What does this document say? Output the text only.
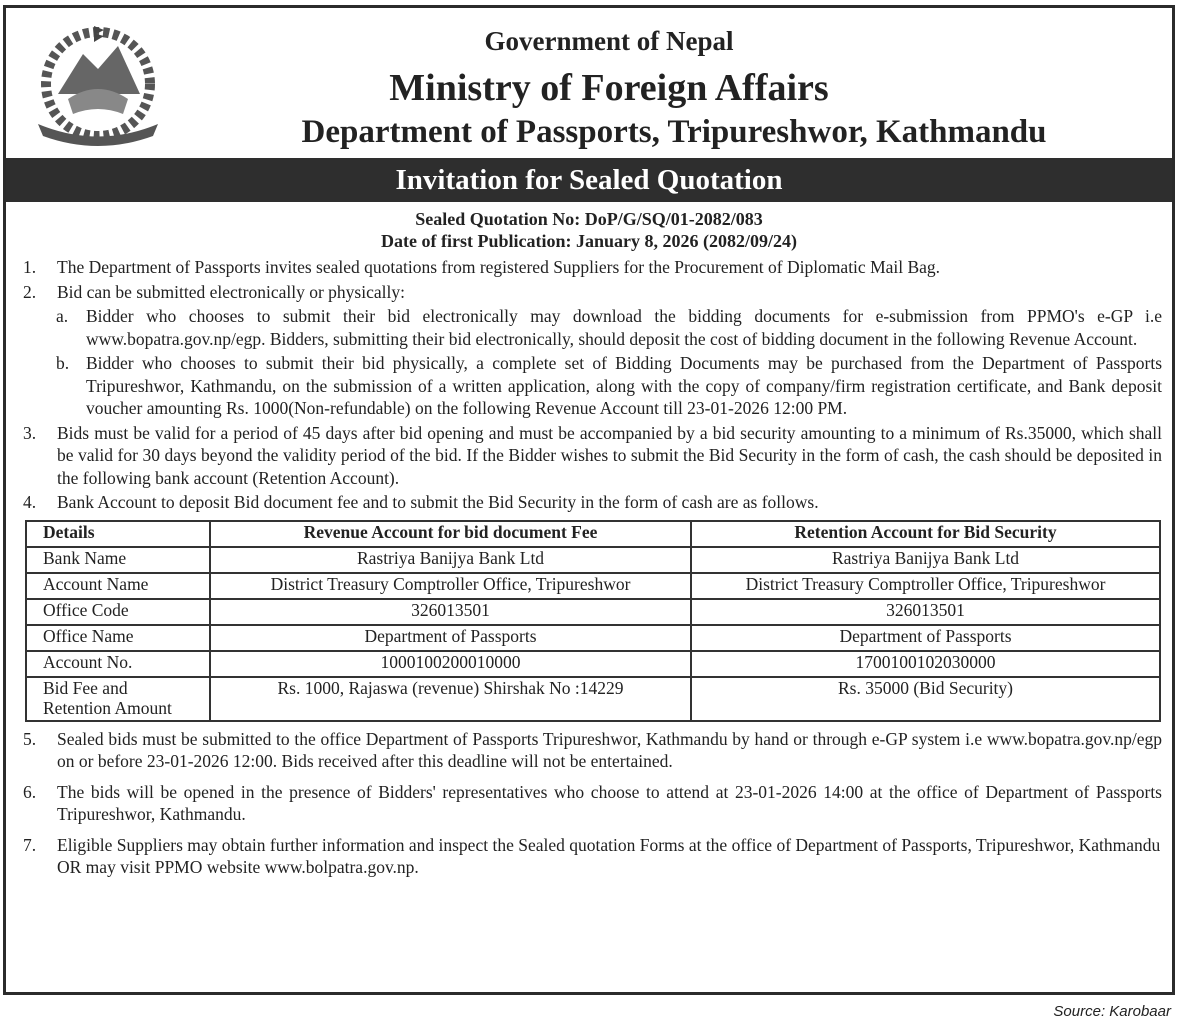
Government of Nepal
Ministry of Foreign Affairs
Department of Passports, Tripureshwor, Kathmandu
Invitation for Sealed Quotation
Sealed Quotation No: DoP/G/SQ/01-2082/083
Date of first Publication: January 8, 2026 (2082/09/24)
1.	The Department of Passports invites sealed quotations from registered Suppliers for the Procurement of Diplomatic Mail Bag.
2.	Bid can be submitted electronically or physically:
a.	Bidder who chooses to submit their bid electronically may download the bidding documents for e-submission from PPMO's e-GP i.e www.bopatra.gov.np/egp. Bidders, submitting their bid electronically, should deposit the cost of bidding document in the following Revenue Account.
b. Bidder who chooses to submit their bid physically, a complete set of Bidding Documents may be purchased from the Department of Passports Tripureshwor, Kathmandu, on the submission of a written application, along with the copy of company/firm registration certificate, and Bank deposit voucher amounting Rs. 1000(Non-refundable) on the following Revenue Account till 23-01-2026 12:00 PM.
3.	Bids must be valid for a period of 45 days after bid opening and must be accompanied by a bid security amounting to a minimum of Rs.35000, which shall be valid for 30 days beyond the validity period of the bid. If the Bidder wishes to submit the Bid Security in the form of cash, the cash should be deposited in the following bank account (Retention Account).
4.	Bank Account to deposit Bid document fee and to submit the Bid Security in the form of cash are as follows.
Details	Revenue Account for bid document Fee	Retention Account for Bid Security
Bank Name	Rastriya Banijya Bank Ltd	Rastriya Banijya Bank Ltd
Account Name	District Treasury Comptroller Office, Tripureshwor	District Treasury Comptroller Office, Tripureshwor
Office Code	326013501	326013501
Office Name	Department of Passports	Department of Passports
Account No.	1000100200010000	1700100102030000
Bid Fee and Retention Amount	Rs. 1000, Rajaswa (revenue) Shirshak No :14229	Rs. 35000 (Bid Security)
5.	Sealed bids must be submitted to the office Department of Passports Tripureshwor, Kathmandu by hand or through e-GP system i.e www.bopatra.gov.np/egp on or before 23-01-2026 12:00. Bids received after this deadline will not be entertained.
6.	The bids will be opened in the presence of Bidders' representatives who choose to attend at 23-01-2026 14:00 at the office of Department of Passports Tripureshwor, Kathmandu.
7.	Eligible Suppliers may obtain further information and inspect the Sealed quotation Forms at the office of Department of Passports, Tripureshwor, Kathmandu OR may visit PPMO website www.bolpatra.gov.np.
Source: Karobaar
